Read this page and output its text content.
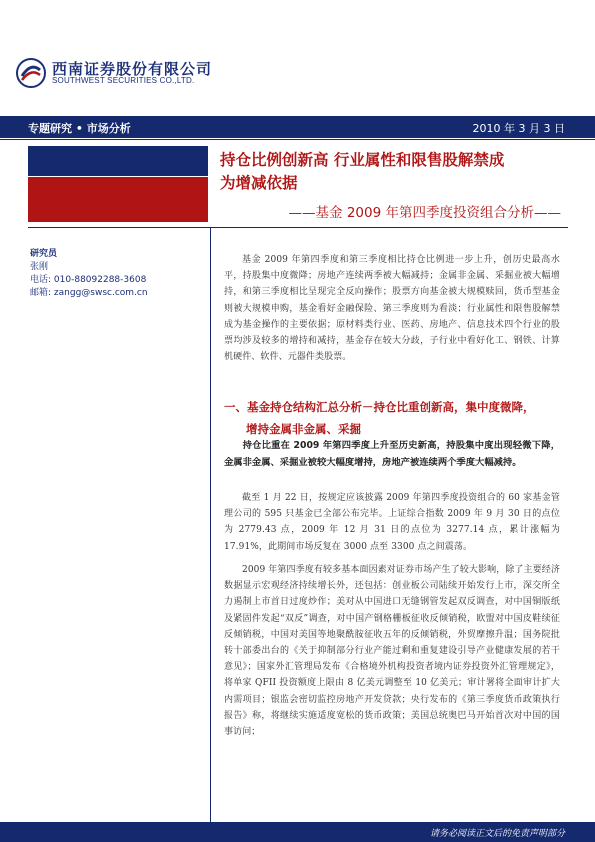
西南证券股份有限公司
SOUTHWEST SECURITIES CO.,LTD.
专题研究 • 市场分析	2010 年 3 月 3 日
持仓比例创新高 行业属性和限售股解禁成
为增减依据
——基金 2009 年第四季度投资组合分析——
研究员
张刚
电话: 010-88092288-3608
邮箱: zangg@swsc.com.cn
基金 2009 年第四季度和第三季度相比持仓比例进一步上升，创历史最高水平，持股集中度微降；房地产连续两季被大幅减持；金属非金属、采掘业被大幅增持，和第三季度相比呈现完全反向操作；股票方向基金被大规模赎回，货币型基金则被大规模申购，基金看好金融保险、第三季度则为看淡；行业属性和限售股解禁成为基金操作的主要依据；原材料类行业、医药、房地产、信息技术四个行业的股票均涉及较多的增持和减持，基金存在较大分歧，子行业中看好化工、钢铁、计算机硬件、软件、元器件类股票。
一、基金持仓结构汇总分析－持仓比重创新高，集中度微降，
增持金属非金属、采掘
持仓比重在 2009 年第四季度上升至历史新高，持股集中度出现轻微下降，金属非金属、采掘业被较大幅度增持，房地产被连续两个季度大幅减持。
截至 1 月 22 日，按规定应该披露 2009 年第四季度投资组合的 60 家基金管理公司的 595 只基金已全部公布完毕。上证综合指数 2009 年 9 月 30 日的点位为 2779.43 点，2009 年 12 月 31 日的点位为 3277.14 点，累计涨幅为 17.91%，此期间市场反复在 3000 点至 3300 点之间震荡。
2009 年第四季度有较多基本面因素对证券市场产生了较大影响，除了主要经济数据显示宏观经济持续增长外，还包括：创业板公司陆续开始发行上市，深交所全力遏制上市首日过度炒作；美对从中国进口无缝钢管发起双反调查，对中国铜版纸及紧固件发起“双反”调查，对中国产钢格栅板征收反倾销税，欧盟对中国皮鞋续征反倾销税，中国对美国等地聚酰胺征收五年的反倾销税，外贸摩擦升温；国务院批转十部委出台的《关于抑制部分行业产能过剩和重复建设引导产业健康发展的若干意见》；国家外汇管理局发布《合格境外机构投资者境内证券投资外汇管理规定》，将单家 QFII 投资额度上限由 8 亿美元调整至 10 亿美元；审计署将全面审计扩大内需项目；银监会密切监控房地产开发贷款；央行发布的《第三季度货币政策执行报告》称，将继续实施适度宽松的货币政策；美国总统奥巴马开始首次对中国的国事访问；
请务必阅读正文后的免责声明部分
